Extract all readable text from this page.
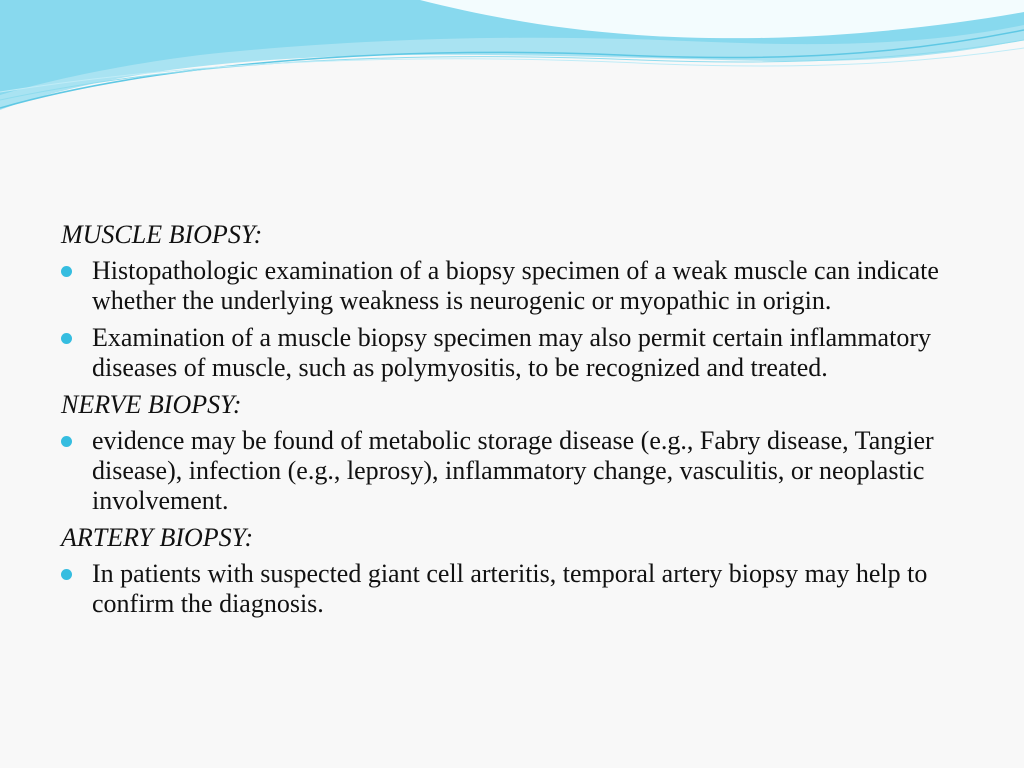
MUSCLE BIOPSY:
Histopathologic examination of a biopsy specimen of a weak muscle can indicate whether the underlying weakness is neurogenic or myopathic in origin.
Examination of a muscle biopsy specimen may also permit certain inflammatory diseases of muscle, such as polymyositis, to be recognized and treated.
NERVE BIOPSY:
evidence may be found of metabolic storage disease (e.g., Fabry disease, Tangier disease), infection (e.g., leprosy), inflammatory change, vasculitis, or neoplastic involvement.
ARTERY BIOPSY:
In patients with suspected giant cell arteritis, temporal artery biopsy may help to confirm the diagnosis.
